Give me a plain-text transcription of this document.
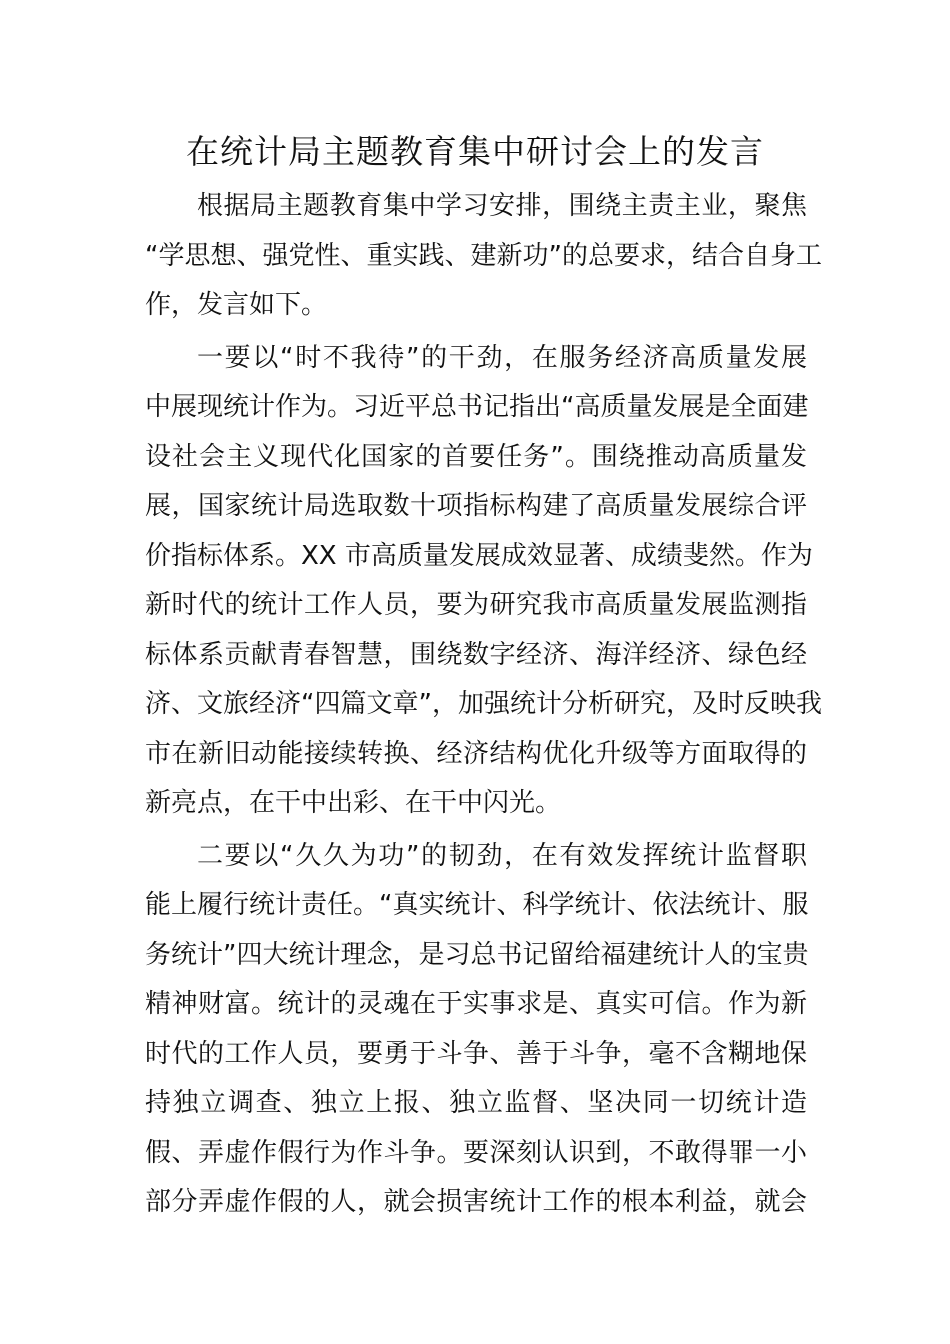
在统计局主题教育集中研讨会上的发言
根据局主题教育集中学习安排，围绕主责主业，聚焦
“学思想、强党性、重实践、建新功”的总要求，结合自身工
作，发言如下。
一要以“时不我待”的干劲，在服务经济高质量发展
中展现统计作为。习近平总书记指出“高质量发展是全面建
设社会主义现代化国家的首要任务”。围绕推动高质量发
展，国家统计局选取数十项指标构建了高质量发展综合评
价指标体系。XX 市高质量发展成效显著、成绩斐然。作为
新时代的统计工作人员，要为研究我市高质量发展监测指
标体系贡献青春智慧，围绕数字经济、海洋经济、绿色经
济、文旅经济“四篇文章”，加强统计分析研究，及时反映我
市在新旧动能接续转换、经济结构优化升级等方面取得的
新亮点，在干中出彩、在干中闪光。
二要以“久久为功”的韧劲，在有效发挥统计监督职
能上履行统计责任。“真实统计、科学统计、依法统计、服
务统计”四大统计理念，是习总书记留给福建统计人的宝贵
精神财富。统计的灵魂在于实事求是、真实可信。作为新
时代的工作人员，要勇于斗争、善于斗争，毫不含糊地保
持独立调查、独立上报、独立监督、坚决同一切统计造
假、弄虚作假行为作斗争。要深刻认识到，不敢得罪一小
部分弄虚作假的人，就会损害统计工作的根本利益，就会
